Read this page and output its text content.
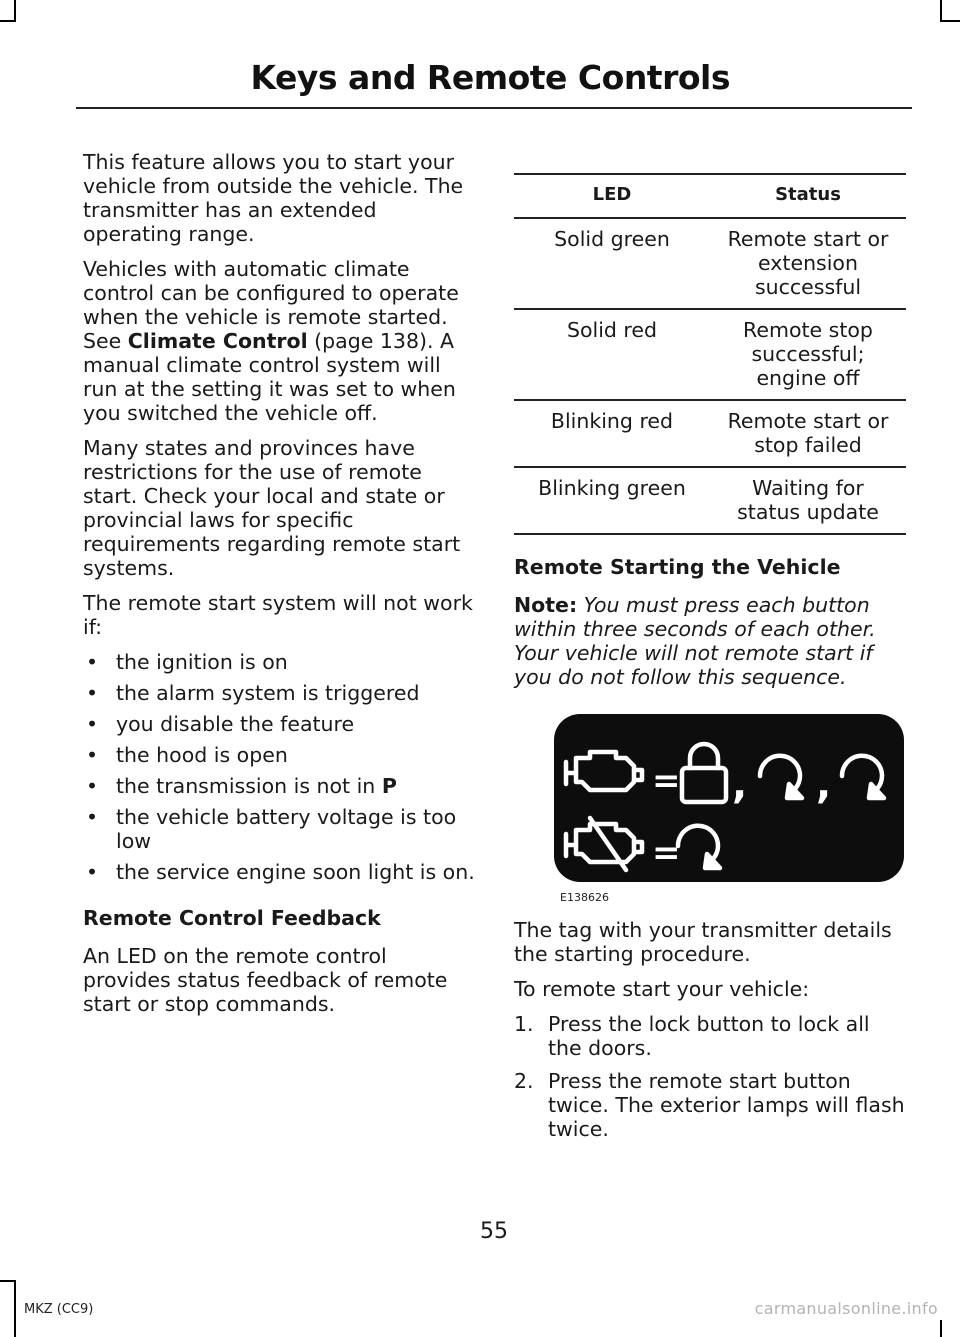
Keys and Remote Controls

This feature allows you to start your vehicle from outside the vehicle. The transmitter has an extended operating range.

Vehicles with automatic climate control can be configured to operate when the vehicle is remote started. See Climate Control (page 138). A manual climate control system will run at the setting it was set to when you switched the vehicle off.

Many states and provinces have restrictions for the use of remote start. Check your local and state or provincial laws for specific requirements regarding remote start systems.

The remote start system will not work if:

• the ignition is on
• the alarm system is triggered
• you disable the feature
• the hood is open
• the transmission is not in P
• the vehicle battery voltage is too low
• the service engine soon light is on.

Remote Control Feedback

An LED on the remote control provides status feedback of remote start or stop commands.

LED	Status
Solid green	Remote start or extension successful
Solid red	Remote stop successful; engine off
Blinking red	Remote start or stop failed
Blinking green	Waiting for status update

Remote Starting the Vehicle

Note: You must press each button within three seconds of each other. Your vehicle will not remote start if you do not follow this sequence.

=
=
, ,
E138626

The tag with your transmitter details the starting procedure.

To remote start your vehicle:

1. Press the lock button to lock all the doors.
2. Press the remote start button twice. The exterior lamps will flash twice.
55
MKZ (CC9)	carmanualsonline.info
